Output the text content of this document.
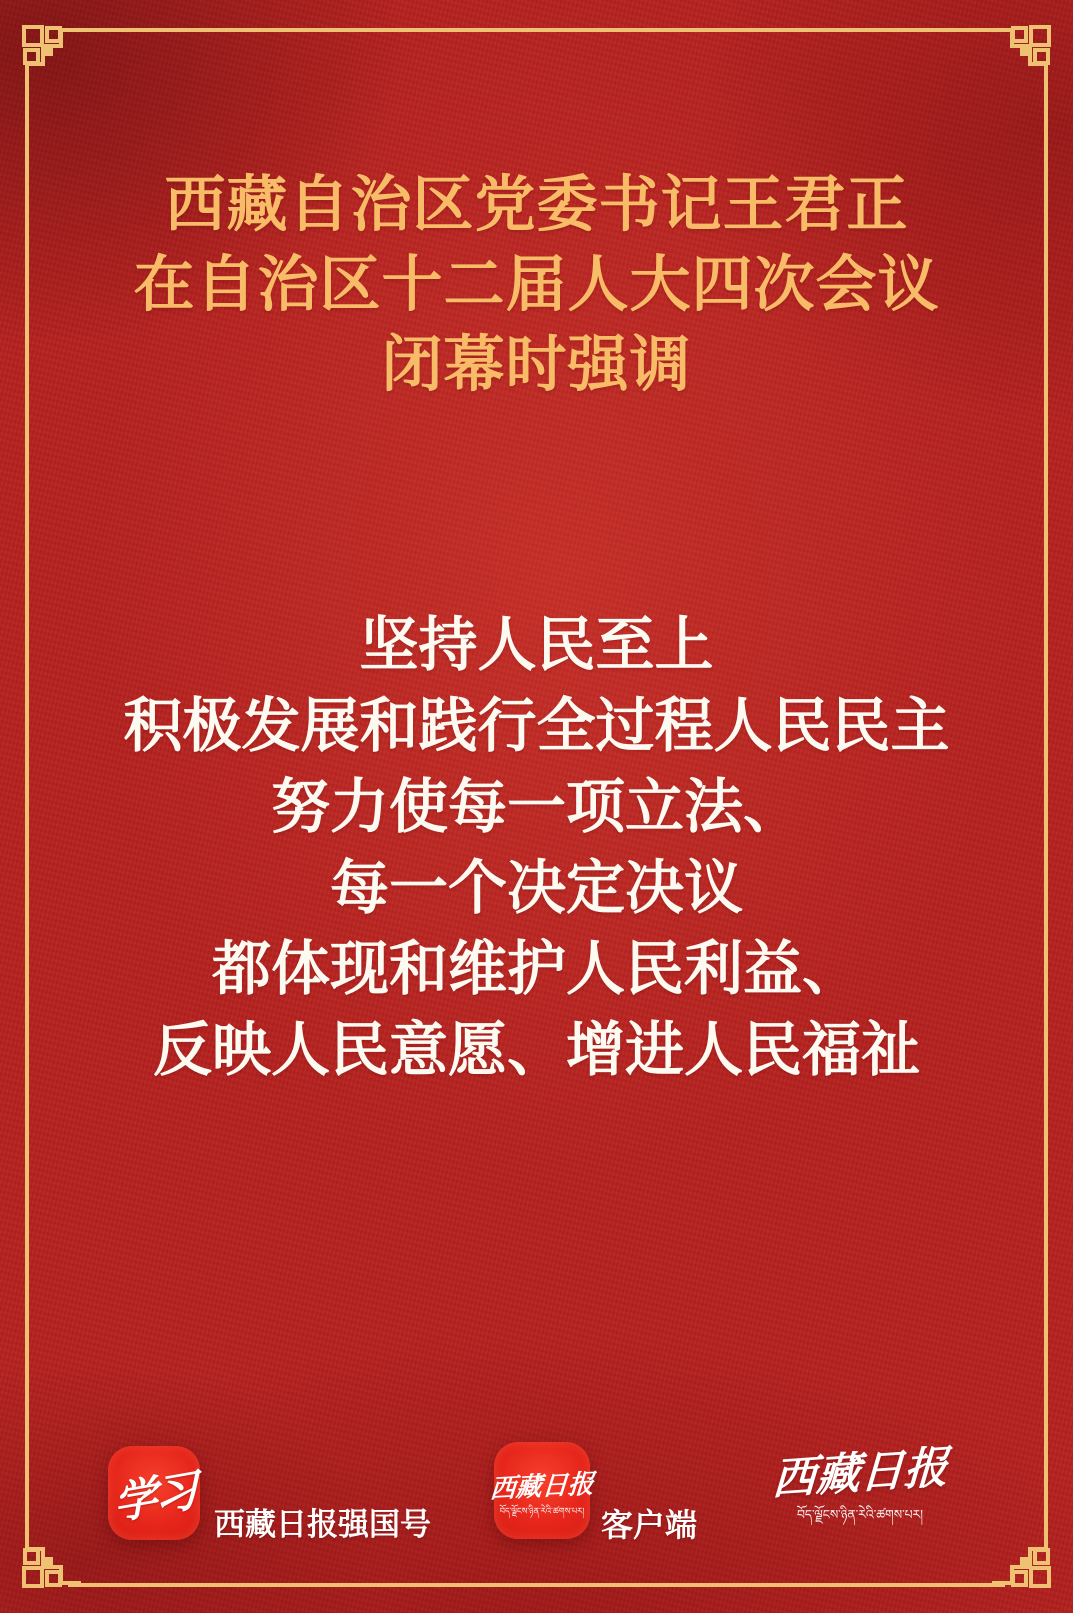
西藏自治区党委书记王君正
在自治区十二届人大四次会议
闭幕时强调
坚持人民至上
积极发展和践行全过程人民民主
努力使每一项立法、
每一个决定决议
都体现和维护人民利益、
反映人民意愿、增进人民福祉
学习 西藏日报强国号
西藏日报
བོད་ལྗོངས་ཉིན་རེའི་ཚགས་པར། 客户端
西藏日报
བོད་ལྗོངས་ཉིན་རེའི་ཚགས་པར།
